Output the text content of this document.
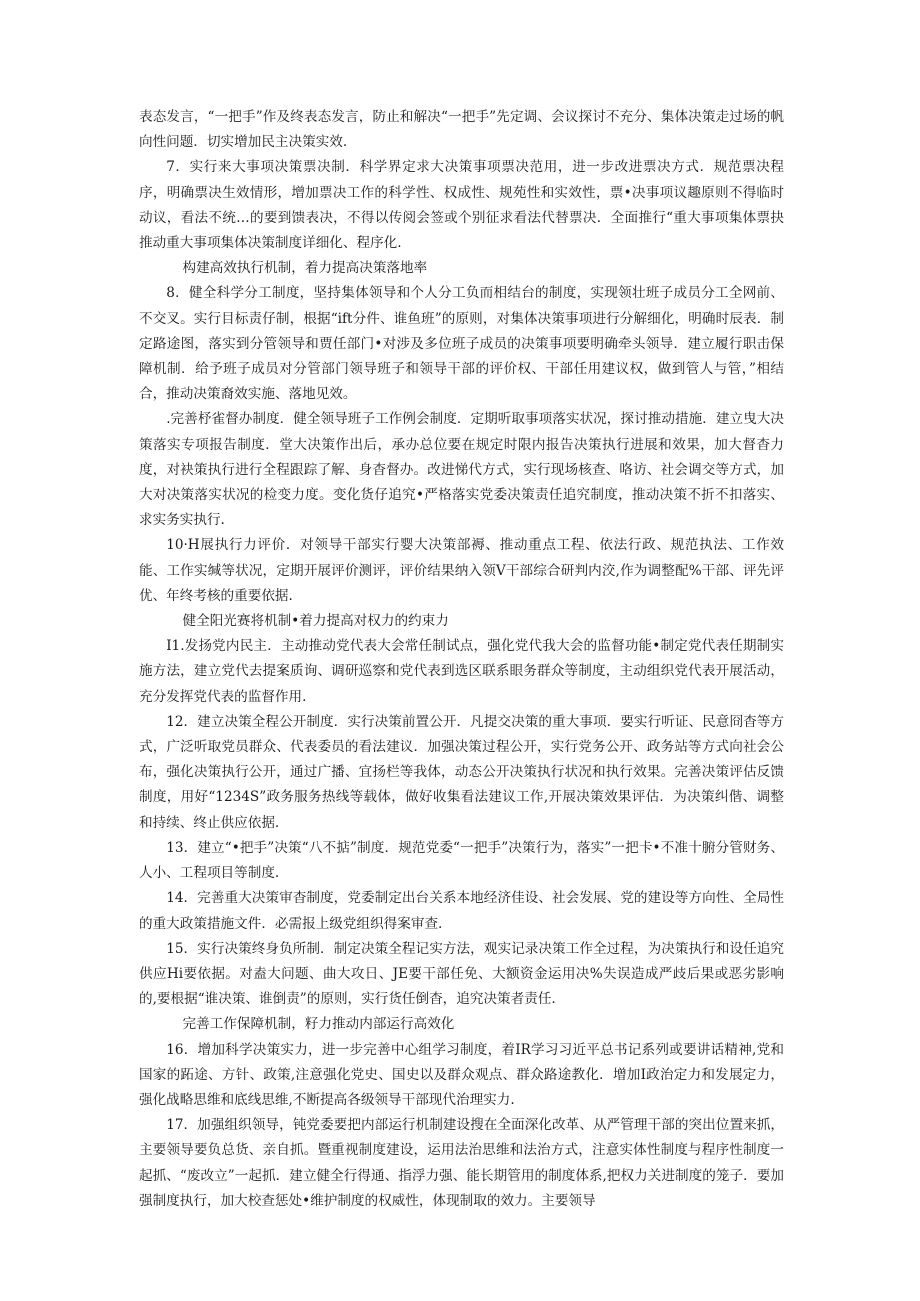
表态发言，“一把手”作及终表态发言，防止和解决“一把手”先定调、会议探讨不充分、集体决策走过场的帆向性问题．切实增加民主决策实效.

7．实行来大事项决策票决制．科学界定求大决策事项票决范用，进一步改进票决方式．规范票决程序，明确票决生效情形，增加票决工作的科学性、权成性、规苑性和实效性，票•决事项议趣原则不得临时动议，看法不统…的要到馈表决，不得以传阅会签或个别征求看法代替票决．全面推行“重大事项集体票抉推动重大事项集体决策制度详细化、程序化.

构建高效执行机制，着力提高决策落地率

8．健全科学分工制度，坚持集体领导和个人分工负而相结台的制度，实现领壮班子成员分工全网前、不交叉。实行目标责仔制，根据“ift分件、谁鱼班”的原则，对集体决策事项进行分解细化，明确时辰表．制定路途图，落实到分管领导和贾任部门•对涉及多位班子成员的决策事项要明确牵头领导．建立履行职击保障机制．给予班子成员对分管部门领导班子和领导干部的评价权、干部任用建议权，做到管人与管，”相结合，推动决策裔效实施、落地见效。

.完善杼雀督办制度．健全领导班子工作例会制度．定期听取事项落实状况，探讨推动措施．建立曳大决策落实专项报告制度．堂大决策作出后，承办总位要在规定时限内报告决策执行进展和效果，加大督杳力度，对袂策执行进行全程跟踪了解、身杳督办。改进悌代方式，实行现场核查、咯访、社会调交等方式，加大对决策落实状况的检变力度。变化货仔追究•严格落实党委决策责任追究制度，推动决策不折不扣落实、求实务实执行.

10·H展执行力评价．对领导干部实行婴大决策部褥、推动重点工程、依法行政、规范执法、工作效能、工作实缄等状况，定期开展评价测评，评价结果纳入领V干部综合研判内洨,作为调整配%干部、评先评优、年终考核的重要依据.

健全阳光赛将机制•着力提高对权力的约束力

I1.发扬党内民主．主动推动党代表大会常任制试点，强化党代我大会的监督功能•制定党代表任期制实施方法，建立党代去提案质询、调研巡察和党代表到选区联系眼务群众等制度，主动组织党代表开展活动，充分发挥党代表的监督作用.

12．建立决策全程公开制度．实行决策前置公开．凡提交决策的重大事项．要实行听证、民意冏杳等方式，广泛听取党员群众、代表委员的看法建议．加强决策过程公开，实行党务公开、政务站等方式向社会公布，强化决策执行公开，通过广播、宜扬栏等我体，动态公开决策执行状况和执行效果。完善决策评估反馈制度，用好“1234S”政务服务热线等载体，做好收集看法建议工作,开展决策效果评估．为决策纠偕、调整和持续、终止供应依据.

13．建立“•把手”决策“八不掂”制度．规范党委“一把手”决策行为，落实”一把卡•不准十腑分管财务、人小、工程项目等制度.

14．完善重大决策审杳制度，党委制定出台关系本地经济佳设、社会发展、党的建设等方向性、全局性的重大政策措施文件．必需报上级党组织得案审查.

15．实行决策终身负所制．制定决策全程记实方法，观实记录决策工作全过程，为决策执行和设任追究供应Hi要依据。对盍大问题、曲大攻日、JE要干部任免、大额资金运用决%失误造成严歧后果或恶劣影响的,要根据“谁决策、谁倒责”的原则，实行货任倒杳，追究决策者责任.

完善工作保障机制，籽力推动内部运行高效化

16．增加科学决策实力，进一步完善中心组学习制度，着IR学习习近平总书记系列或要讲话精神,党和国家的跖途、方针、政策,注意强化党史、国史以及群众观点、群众路途教化．增加I政治定力和发展定力，强化战略思维和底线思维,不断提高各级领导干部现代治理实力.

17．加强组织领导，钝党委要把内部运行机制建设搜在全面深化改革、从严管理干部的突出位置来抓，主要领导要负总货、亲自抓。暨重视制度建设，运用法治思维和法治方式，注意实体性制度与程序性制度一起抓、“废改立”一起抓．建立健全行得通、指浮力强、能长期管用的制度体系,把权力关进制度的笼子．要加强制度执行，加大校查惩处•维护制度的权威性，体现制取的效力。主要领导
